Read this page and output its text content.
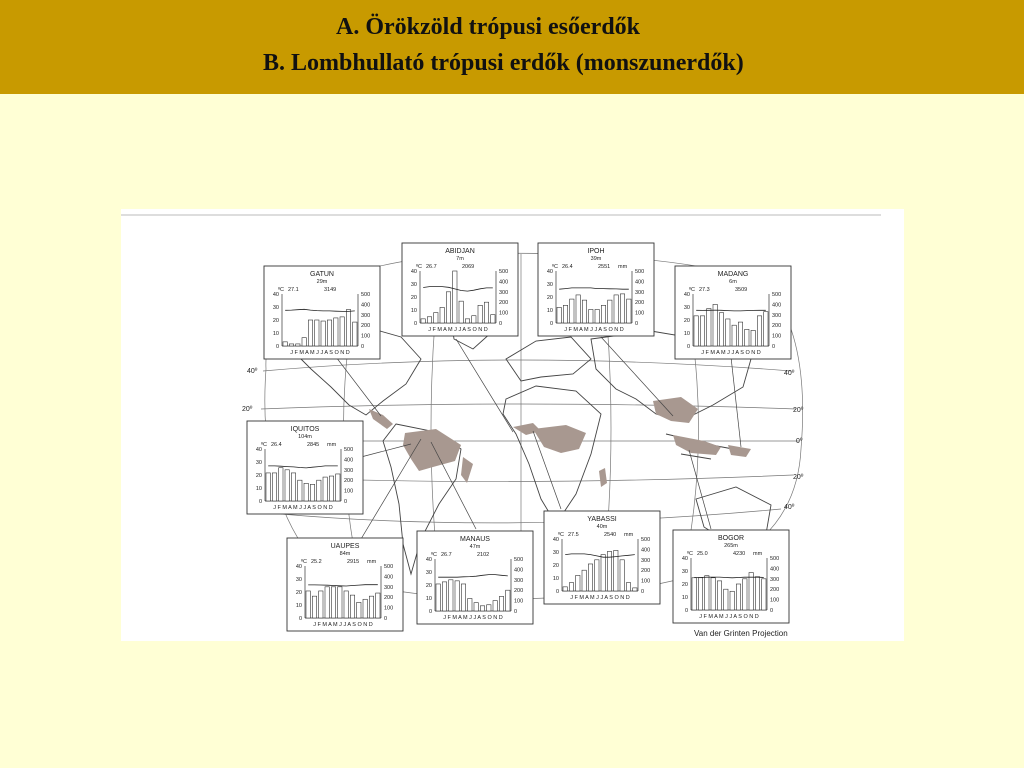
A. Örökzöld trópusi esőerdők
B. Lombhullató trópusi erdők (monszunerdők)
40º
20º
40º
20º
0º
20º
40º
GATUN
29m
ºC 27.1	3149
0
10
20
30
40
0
100
200
300
400
500
J F M A M J J A S O N D
ABIDJAN
7m
ºC 26.7	2069
0
10
20
30
40
0
100
200
300
400
500
J F M A M J J A S O N D
IPOH
39m
ºC 26.4	2551 mm
0
10
20
30
40
0
100
200
300
400
500
J F M A M J J A S O N D
MADANG
6m
ºC 27.3	3509
0
10
20
30
40
0
100
200
300
400
500
J F M A M J J A S O N D
IQUITOS
104m
ºC 26.4	2845 mm
0
10
20
30
40
0
100
200
300
400
500
J F M A M J J A S O N D
UAUPES
84m
ºC 25.2	2915 mm
0
10
20
30
40
0
100
200
300
400
500
J F M A M J J A S O N D
MANAUS
47m
ºC 26.7	2102
0
10
20
30
40
0
100
200
300
400
500
J F M A M J J A S O N D
YABASSI
40m
ºC 27.5	2540 mm
0
10
20
30
40
0
100
200
300
400
500
J F M A M J J A S O N D
BOGOR
265m
ºC 25.0	4230 mm
0
10
20
30
40
0
100
200
300
400
500
J F M A M J J A S O N D
Van der Grinten Projection
